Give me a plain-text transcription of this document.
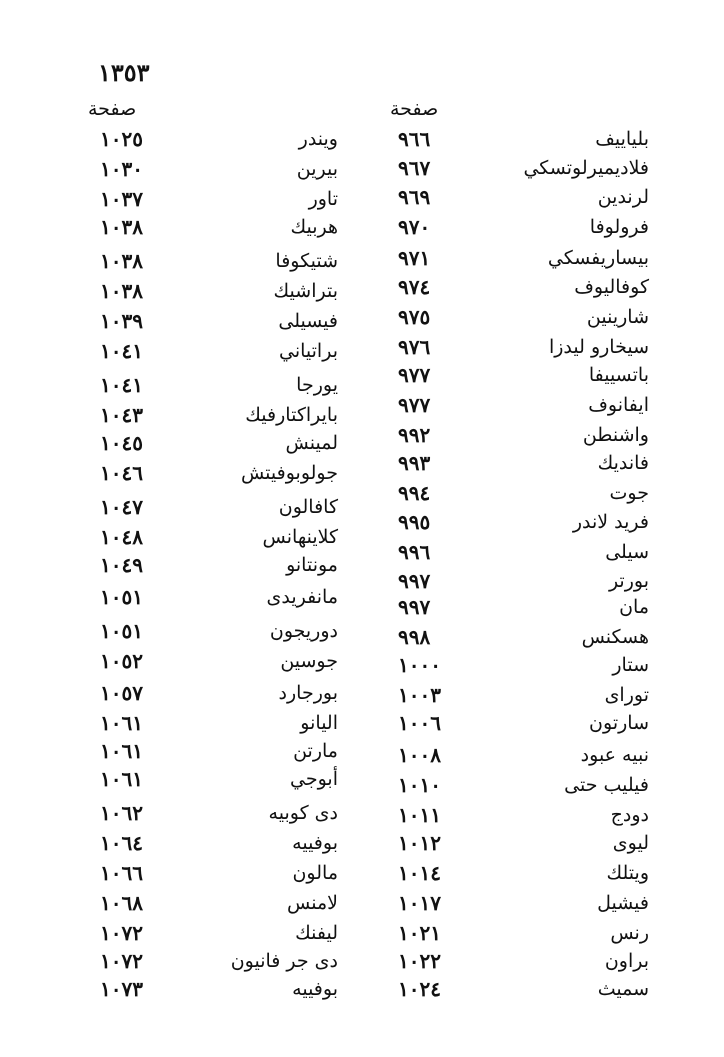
١٣٥٣
صفحة
صفحة
بلياييف
٩٦٦
فلاديميرلوتسكي
٩٦٧
لرندين
٩٦٩
فرولوفا
٩٧٠
بيساريفسكي
٩٧١
كوفاليوف
٩٧٤
شارينين
٩٧٥
سيخارو ليدزا
٩٧٦
باتسييفا
٩٧٧
ايفانوف
٩٧٧
واشنطن
٩٩٢
فانديك
٩٩٣
جوت
٩٩٤
فريد لاندر
٩٩٥
سيلى
٩٩٦
بورتر
٩٩٧
مان
٩٩٧
هسكنس
٩٩٨
ستار
١٠٠٠
توراى
١٠٠٣
سارتون
١٠٠٦
نبيه عبود
١٠٠٨
فيليب حتى
١٠١٠
دودج
١٠١١
ليوى
١٠١٢
ويتلك
١٠١٤
فيشيل
١٠١٧
رنس
١٠٢١
براون
١٠٢٢
سميث
١٠٢٤
ويندر
١٠٢٥
بيرين
١٠٣٠
تاور
١٠٣٧
هربيك
١٠٣٨
شتيكوفا
١٠٣٨
بتراشيك
١٠٣٨
فيسيلى
١٠٣٩
براتياني
١٠٤١
يورجا
١٠٤١
بايراكتارفيك
١٠٤٣
لمينش
١٠٤٥
جولوبوفيتش
١٠٤٦
كافالون
١٠٤٧
كلاينهانس
١٠٤٨
مونتانو
١٠٤٩
مانفريدى
١٠٥١
دوريجون
١٠٥١
جوسين
١٠٥٢
بورجارد
١٠٥٧
اليانو
١٠٦١
مارتن
١٠٦١
أبوجي
١٠٦١
دى كوبيه
١٠٦٢
بوفييه
١٠٦٤
مالون
١٠٦٦
لامنس
١٠٦٨
ليفنك
١٠٧٢
دى جر فانيون
١٠٧٢
بوفييه
١٠٧٣
